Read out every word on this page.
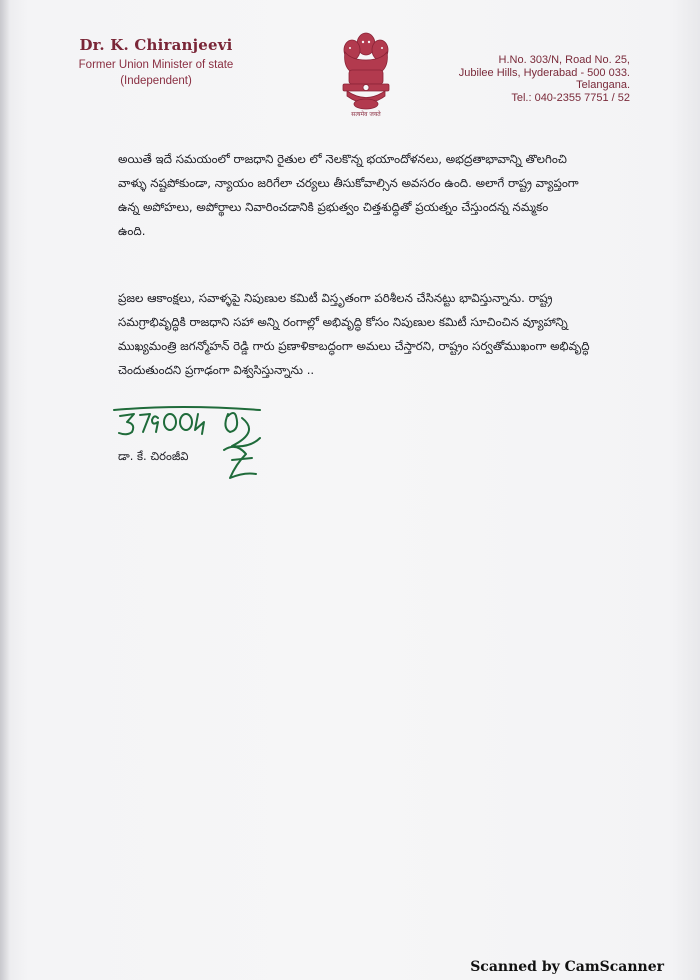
Dr. K. Chiranjeevi
Former Union Minister of state
(Independent)
सत्यमेव जयते
H.No. 303/N, Road No. 25,
Jubilee Hills, Hyderabad - 500 033.
Telangana.
Tel.: 040-2355 7751 / 52
అయితే ఇదే సమయంలో రాజధాని రైతుల లో నెలకొన్న భయాందోళనలు, అభద్రతాభావాన్ని తొలగించి
వాళ్ళు నష్టపోకుండా, న్యాయం జరిగేలా చర్యలు తీసుకోవాల్సిన అవసరం ఉంది. అలాగే రాష్ట్ర వ్యాప్తంగా
ఉన్న అపోహలు, అపోర్థాలు నివారించడానికి ప్రభుత్వం చిత్తశుద్ధితో ప్రయత్నం చేస్తుందన్న నమ్మకం
ఉంది.
ప్రజల ఆకాంక్షలు, సవాళ్ళపై నిపుణుల కమిటీ విస్తృతంగా పరిశీలన చేసినట్టు భావిస్తున్నాను. రాష్ట్ర
సమగ్రాభివృద్ధికి రాజధాని సహా అన్ని రంగాల్లో అభివృద్ధి కోసం నిపుణుల కమిటీ సూచించిన వ్యూహాన్ని
ముఖ్యమంత్రి జగన్మోహన్ రెడ్డి గారు ప్రణాళికాబద్ధంగా అమలు చేస్తారని, రాష్ట్రం సర్వతోముఖంగా అభివృద్ధి
చెందుతుందని ప్రగాఢంగా విశ్వసిస్తున్నాను ..
డా. కే. చిరంజీవి
Scanned by CamScanner
